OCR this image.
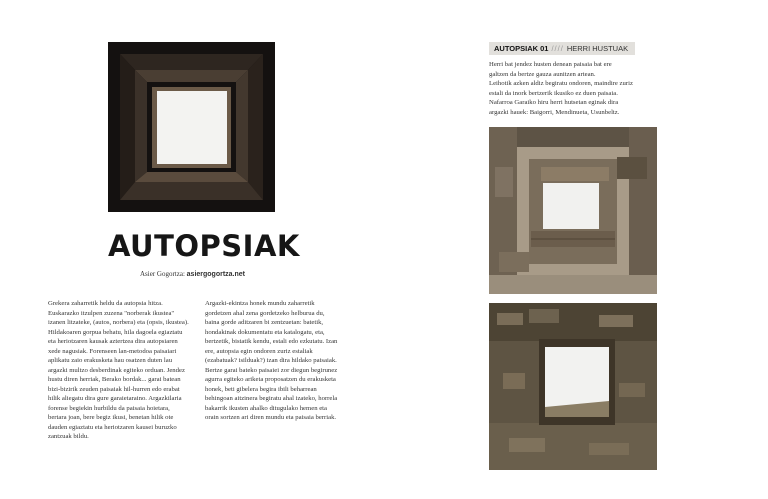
AUTOPSIAK
Asier Gogortza: asiergogortza.net

Grekera zaharretik heldu da autopsia hitza. Euskarazko itzulpen zuzena "norberak ikustea" izanen litzateke, (autos, norbera) eta (opsis, ikustea). Hildakoaren gorpua behatu, hila dagoela egiaztatu eta heriotzaren kausak aztertzea dira autopsiaren xede nagusiak. Forenseen lan-metodoa paisaiari aplikatu zaio erakusketa hau osatzen duten lau argazki multzo desberdinak egiteko orduan. Jendez hustu diren herriak, Berako bordak... garai batean bizi-bizirik zeuden paisaiak hil-hurren edo erabat hilik aliegatu dira gure garaietaraino. Argazkilaria forense begiekin hurbildu da paisaia hoietara, bertara joan, bere begiz ikusi, benetan hilik ote dauden egiaztatu eta heriotzaren kausei buruzko zantzuak bildu.

Argazki-ekintza honek mundu zaharretik gordetzen ahal zena gordetzeko helburua du, baina gorde aditzaren bi zentzuetan: batetik, hondakinak dokumentatu eta katalogatu, eta, bertzetik, bistatik kendu, estali edo ezkutatu. Izan ere, autopsia egin ondoren zuriz estaliak (ezabatuak? isilduak?) izan dira hildako paisaiak. Bertze garai bateko paisaiei zor diegun begirunez agurra egiteko ariketa proposatzen du erakusketa honek, beti gibelera begira ibili beharrean behingoan aitzinera begiratu ahal izateko, horrela bakarrik ikusten ahalko ditugulako hemen eta orain sortzen ari diren mundu eta paisaia berriak.

AUTOPSIAK 01 //// HERRI HUSTUAK

Herri bat jendez husten denean paisaia bat ere

galtzen da bertze gauza aunitzen artean.

Leihotik azken aldiz begiratu ondoren, maindire zuriz

estali da inork bertzerik ikusiko ez duen paisaia.

Nafarroa Garaiko hiru herri hutsetan eginak dira

argazki hauek: Baigorri, Mendinueta, Usunbeltz.
